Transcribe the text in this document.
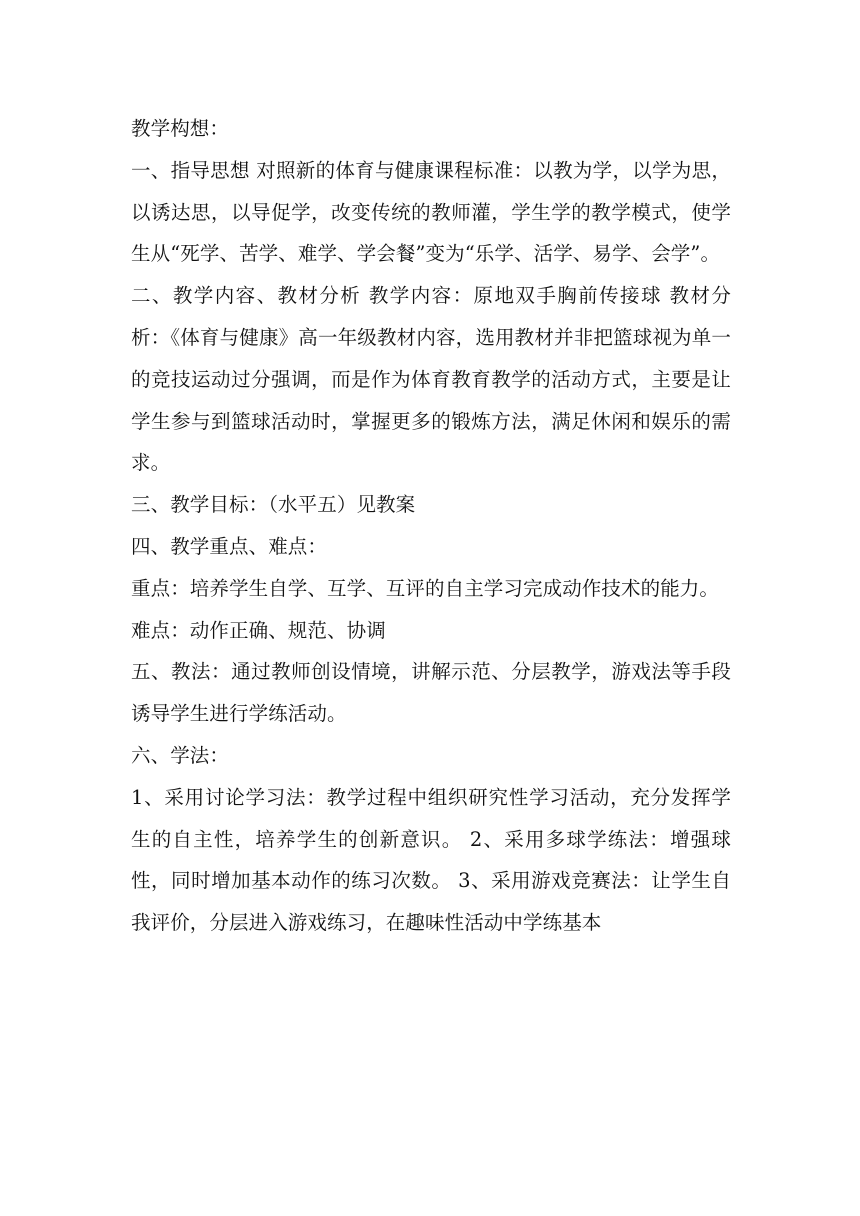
教学构想：

一、指导思想 对照新的体育与健康课程标准：以教为学，以学为思，以诱达思，以导促学，改变传统的教师灌，学生学的教学模式，使学生从“死学、苦学、难学、学会餐”变为“乐学、活学、易学、会学”。

二、教学内容、教材分析 教学内容：原地双手胸前传接球 教材分析：《体育与健康》高一年级教材内容，选用教材并非把篮球视为单一的竞技运动过分强调，而是作为体育教育教学的活动方式，主要是让学生参与到篮球活动时，掌握更多的锻炼方法，满足休闲和娱乐的需求。

三、教学目标：（水平五）见教案

四、教学重点、难点：

重点：培养学生自学、互学、互评的自主学习完成动作技术的能力。

难点：动作正确、规范、协调

五、教法：通过教师创设情境，讲解示范、分层教学，游戏法等手段诱导学生进行学练活动。

六、学法：

1、采用讨论学习法：教学过程中组织研究性学习活动，充分发挥学生的自主性，培养学生的创新意识。 2、采用多球学练法：增强球性，同时增加基本动作的练习次数。 3、采用游戏竞赛法：让学生自我评价，分层进入游戏练习，在趣味性活动中学练基本
